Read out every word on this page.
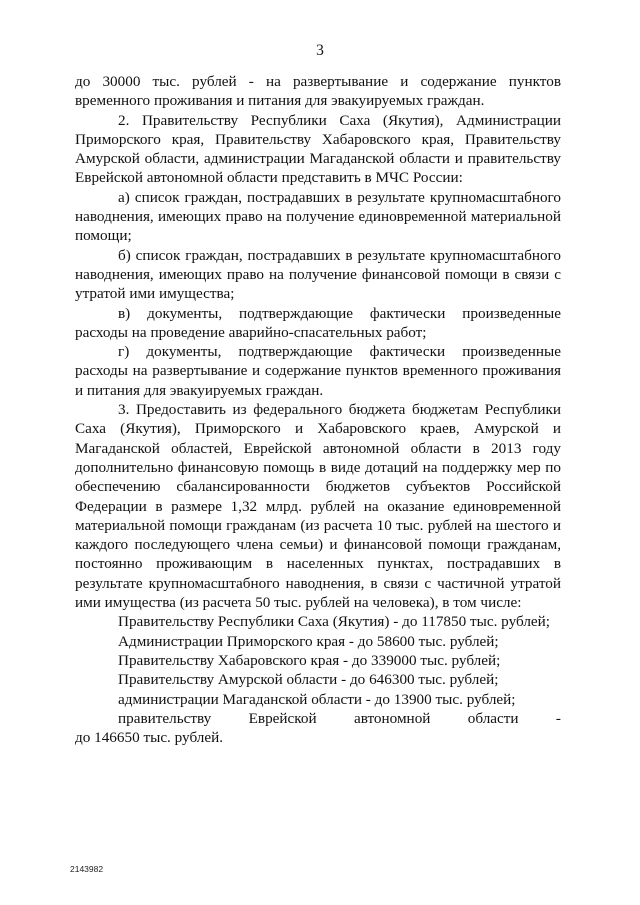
3

до 30000 тыс. рублей - на развертывание и содержание пунктов временного проживания и питания для эвакуируемых граждан.

2. Правительству Республики Саха (Якутия), Администрации Приморского края, Правительству Хабаровского края, Правительству Амурской области, администрации Магаданской области и правительству Еврейской автономной области представить в МЧС России:

а) список граждан, пострадавших в результате крупномасштабного наводнения, имеющих право на получение единовременной материальной помощи;

б) список граждан, пострадавших в результате крупномасштабного наводнения, имеющих право на получение финансовой помощи в связи с утратой ими имущества;

в) документы, подтверждающие фактически произведенные расходы на проведение аварийно-спасательных работ;

г) документы, подтверждающие фактически произведенные расходы на развертывание и содержание пунктов временного проживания и питания для эвакуируемых граждан.

3. Предоставить из федерального бюджета бюджетам Республики Саха (Якутия), Приморского и Хабаровского краев, Амурской и Магаданской областей, Еврейской автономной области в 2013 году дополнительно финансовую помощь в виде дотаций на поддержку мер по обеспечению сбалансированности бюджетов субъектов Российской Федерации в размере 1,32 млрд. рублей на оказание единовременной материальной помощи гражданам (из расчета 10 тыс. рублей на шестого и каждого последующего члена семьи) и финансовой помощи гражданам, постоянно проживающим в населенных пунктах, пострадавших в результате крупномасштабного наводнения, в связи с частичной утратой ими имущества (из расчета 50 тыс. рублей на человека), в том числе:

Правительству Республики Саха (Якутия) - до 117850 тыс. рублей;

Администрации Приморского края - до 58600 тыс. рублей;

Правительству Хабаровского края - до 339000 тыс. рублей;

Правительству Амурской области - до 646300 тыс. рублей;

администрации Магаданской области - до 13900 тыс. рублей;

правительству Еврейской автономной области -

до 146650 тыс. рублей.

2143982
